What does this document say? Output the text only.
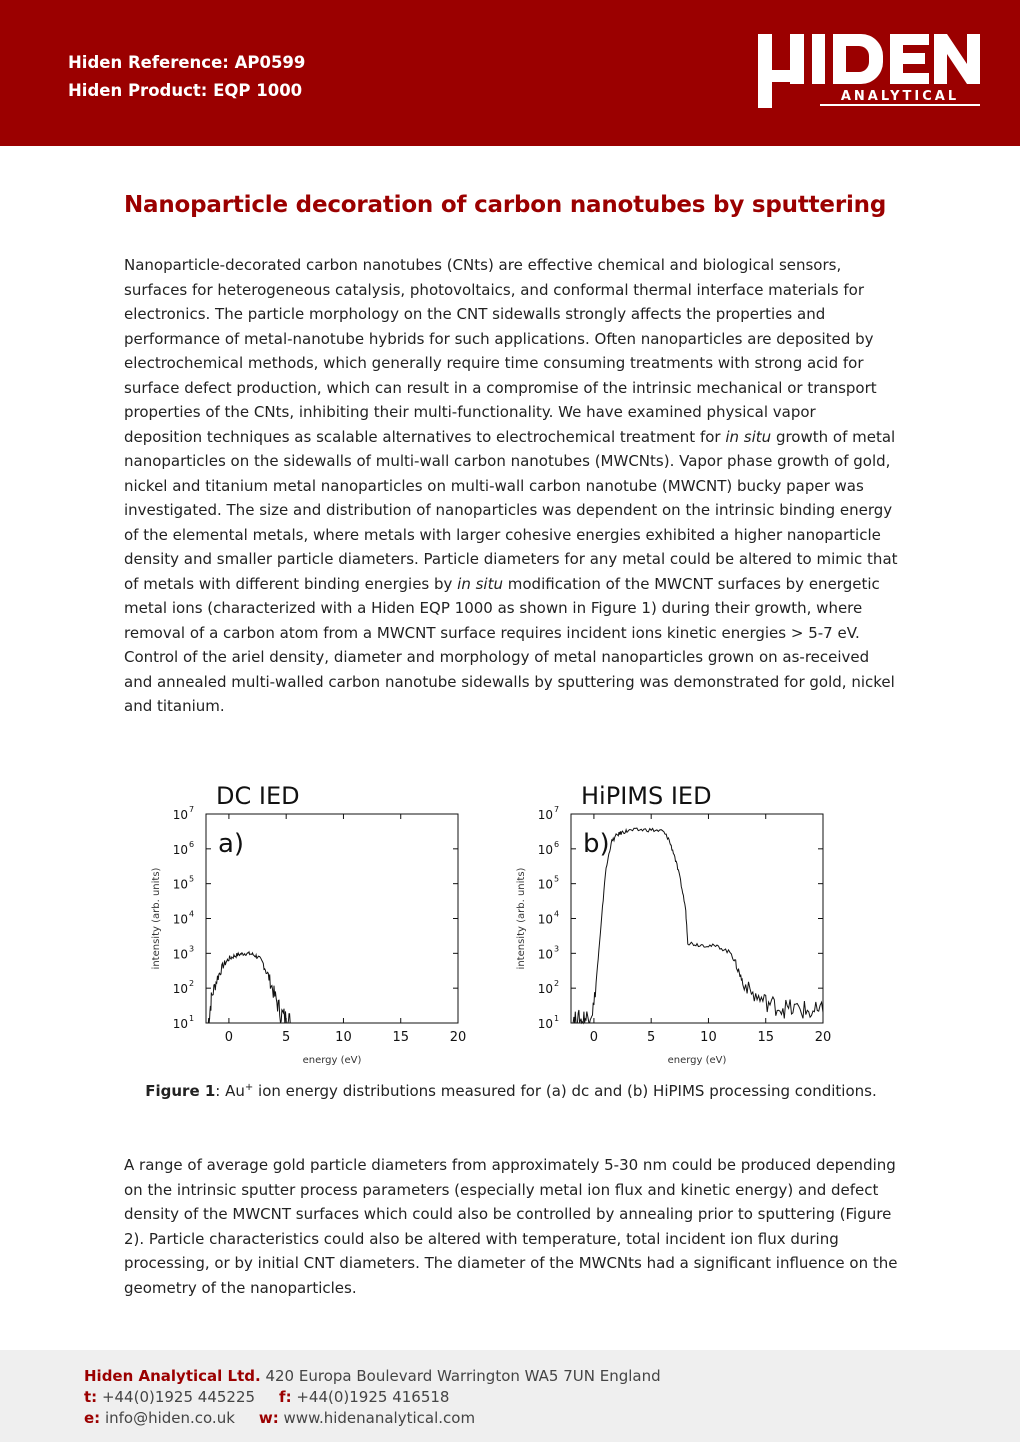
Hiden Reference: AP0599
Hiden Product: EQP 1000	ANALYTICAL
Nanoparticle decoration of carbon nanotubes by sputtering

Nanoparticle-decorated carbon nanotubes (CNts) are effective chemical and biological sensors, surfaces for heterogeneous catalysis, photovoltaics, and conformal thermal interface materials for electronics. The particle morphology on the CNT sidewalls strongly affects the properties and performance of metal-nanotube hybrids for such applications. Often nanoparticles are deposited by electrochemical methods, which generally require time consuming treatments with strong acid for surface defect production, which can result in a compromise of the intrinsic mechanical or transport properties of the CNts, inhibiting their multi-functionality. We have examined physical vapor deposition techniques as scalable alternatives to electrochemical treatment for in situ growth of metal nanoparticles on the sidewalls of multi-wall carbon nanotubes (MWCNts). Vapor phase growth of gold, nickel and titanium metal nanoparticles on multi-wall carbon nanotube (MWCNT) bucky paper was investigated. The size and distribution of nanoparticles was dependent on the intrinsic binding energy of the elemental metals, where metals with larger cohesive energies exhibited a higher nanoparticle density and smaller particle diameters. Particle diameters for any metal could be altered to mimic that of metals with different binding energies by in situ modification of the MWCNT surfaces by energetic metal ions (characterized with a Hiden EQP 1000 as shown in Figure 1) during their growth, where removal of a carbon atom from a MWCNT surface requires incident ions kinetic energies > 5-7 eV. Control of the ariel density, diameter and morphology of metal nanoparticles grown on as-received and annealed multi-walled carbon nanotube sidewalls by sputtering was demonstrated for gold, nickel and titanium.

DC IED
a)
0	5	10	15	20
10 1
10 2
10 3
10 4
10 5
10 6
10 7
energy (eV)
intensity (arb. units)
HiPIMS IED
b)
0	5	10	15	20
10 1
10 2
10 3
10 4
10 5
10 6
10 7
energy (eV)
intensity (arb. units)

Figure 1: Au+ ion energy distributions measured for (a) dc and (b) HiPIMS processing conditions.

A range of average gold particle diameters from approximately 5-30 nm could be produced depending on the intrinsic sputter process parameters (especially metal ion flux and kinetic energy) and defect density of the MWCNT surfaces which could also be controlled by annealing prior to sputtering (Figure 2). Particle characteristics could also be altered with temperature, total incident ion flux during processing, or by initial CNT diameters. The diameter of the MWCNts had a significant influence on the geometry of the nanoparticles.

Hiden Analytical Ltd. 420 Europa Boulevard Warrington WA5 7UN England
t: +44(0)1925 445225 f: +44(0)1925 416518
e: info@hiden.co.uk w: www.hidenanalytical.com
